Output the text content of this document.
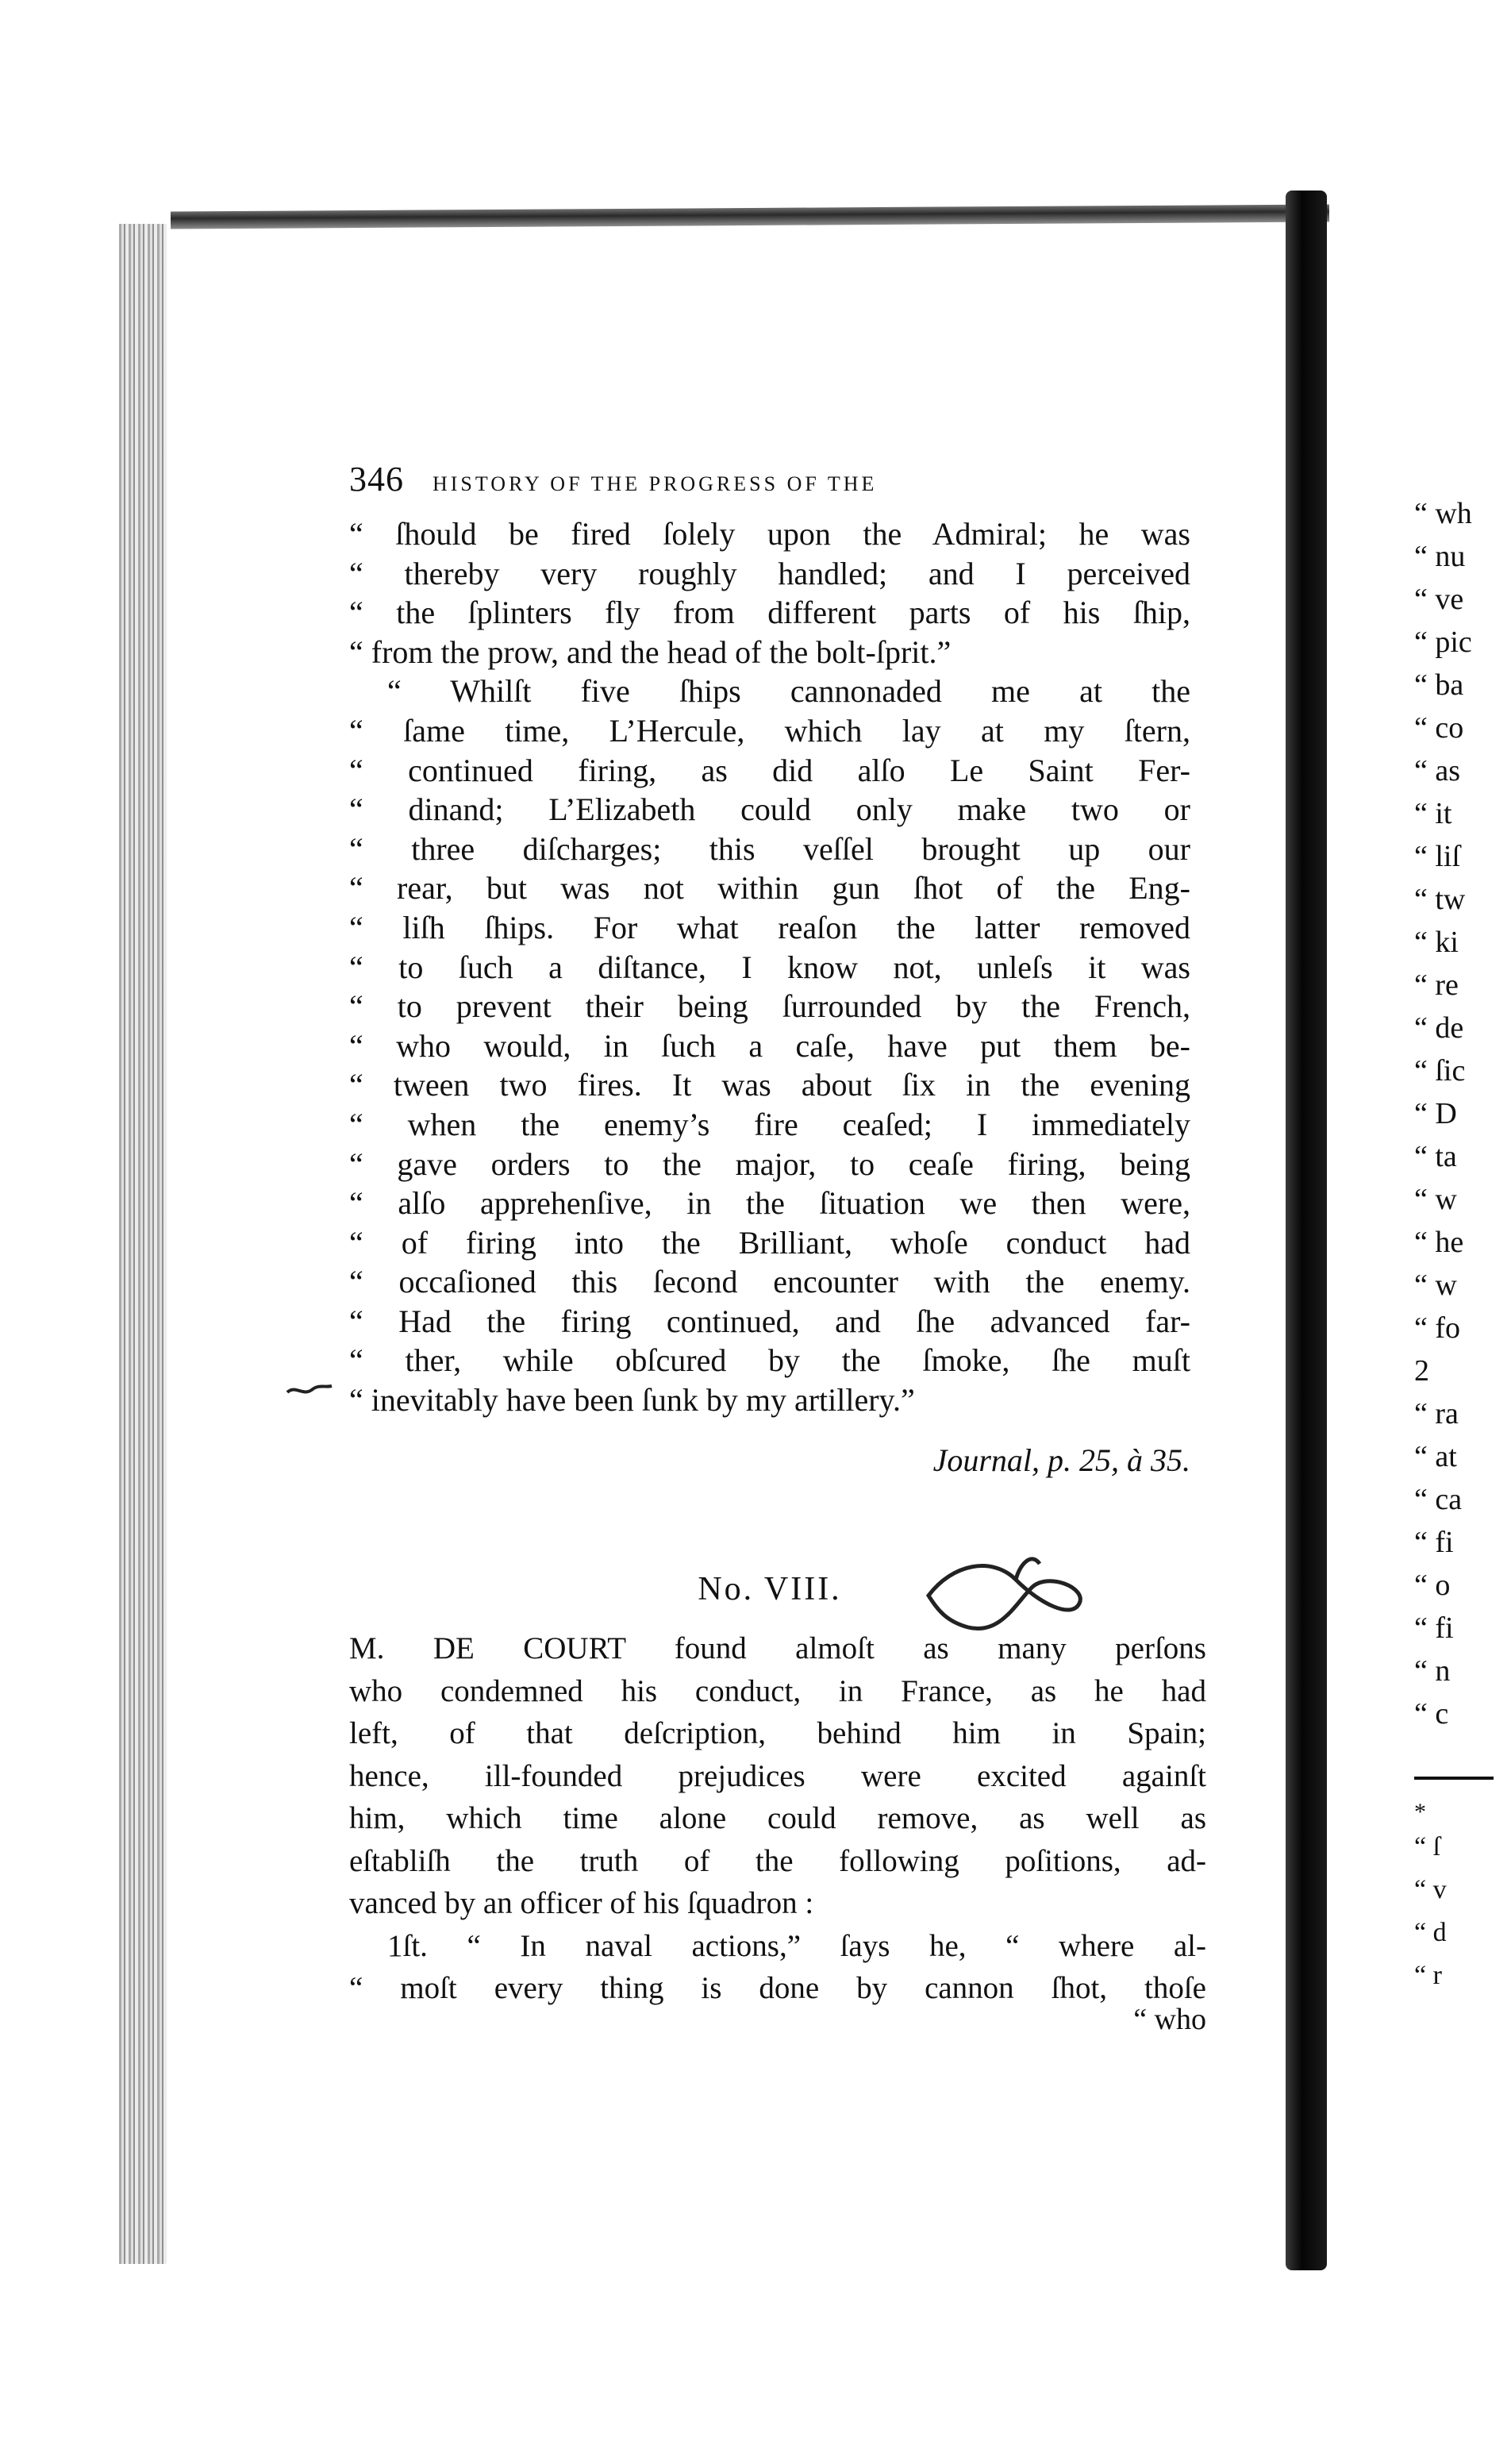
346 HISTORY OF THE PROGRESS OF THE
“ ſhould be fired ſolely upon the Admiral; he was
“ thereby very roughly handled; and I perceived
“ the ſplinters fly from different parts of his ſhip,
“ from the prow, and the head of the bolt-ſprit.”
“ Whilſt five ſhips cannonaded me at the
“ ſame time, L’Hercule, which lay at my ſtern,
“ continued firing, as did alſo Le Saint Fer-
“ dinand; L’Elizabeth could only make two or
“ three diſcharges; this veſſel brought up our
“ rear, but was not within gun ſhot of the Eng-
“ liſh ſhips. For what reaſon the latter removed
“ to ſuch a diſtance, I know not, unleſs it was
“ to prevent their being ſurrounded by the French,
“ who would, in ſuch a caſe, have put them be-
“ tween two fires. It was about ſix in the evening
“ when the enemy’s fire ceaſed; I immediately
“ gave orders to the major, to ceaſe firing, being
“ alſo apprehenſive, in the ſituation we then were,
“ of firing into the Brilliant, whoſe conduct had
“ occaſioned this ſecond encounter with the enemy.
“ Had the firing continued, and ſhe advanced far-
“ ther, while obſcured by the ſmoke, ſhe muſt
“ inevitably have been ſunk by my artillery.”
Journal, p. 25, à 35.
No. VIII.
M. DE COURT found almoſt as many perſons
who condemned his conduct, in France, as he had
left, of that deſcription, behind him in Spain;
hence, ill-founded prejudices were excited againſt
him, which time alone could remove, as well as
eſtabliſh the truth of the following poſitions, ad-
vanced by an officer of his ſquadron :
1ſt. “ In naval actions,” ſays he, “ where al-
“ moſt every thing is done by cannon ſhot, thoſe
“ who
“ wh
“ nu
“ ve
“ pic
“ ba
“ co
“ as
“ it
“ liſ
“ tw
“ ki
“ re
“ de
“ ſic
“ D
“ ta
“ w
“ he
“ w
“ fo
2
“ ra
“ at
“ ca
“ fi
“ o
“ fi
“ n
“ c
*
“ ſ
“ v
“ d
“ r
